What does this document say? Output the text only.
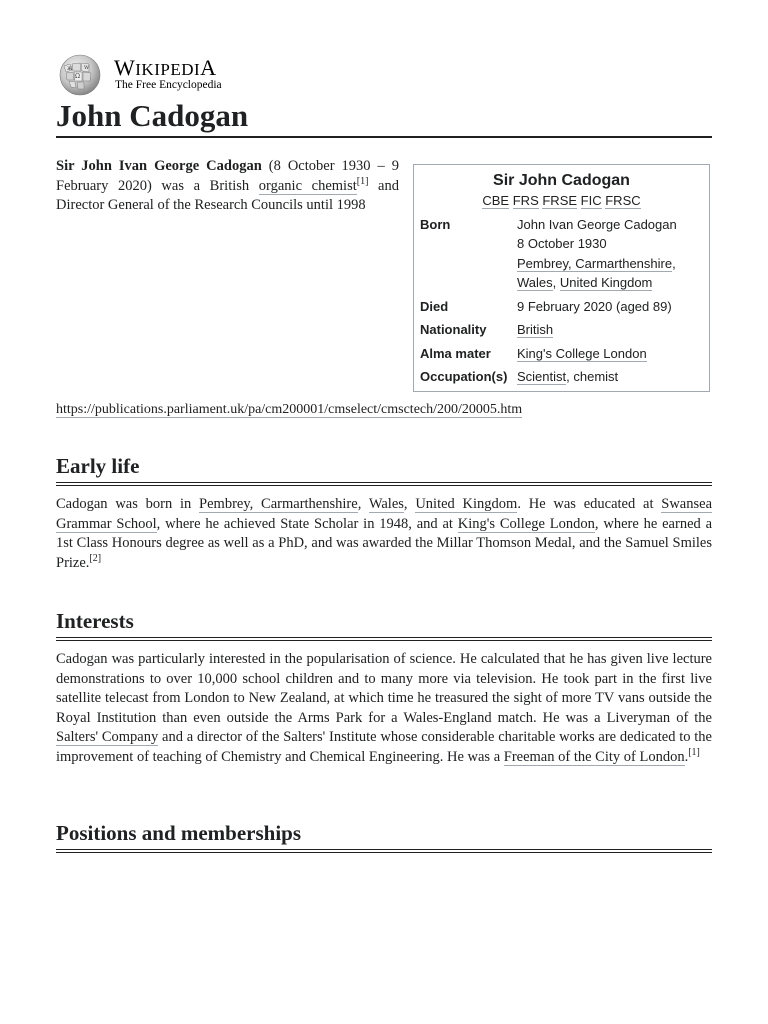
Ω
W
Ж WIKIPEDIA
The Free Encyclopedia
John Cadogan

Sir John Ivan George Cadogan (8 October 1930 – 9 February 2020) was a British organic chemist[1] and Director General of the Research Councils until 1998

Sir John Cadogan
CBE FRS FRSE FIC FRSC
Born	John Ivan George Cadogan
8 October 1930
Pembrey, Carmarthenshire,
Wales, United Kingdom
Died	9 February 2020 (aged 89)
Nationality	British
Alma mater	King's College London
Occupation(s) Scientist, chemist
https://publications.parliament.uk/pa/cm200001/cmselect/cmsctech/200/20005.htm
Early life

Cadogan was born in Pembrey, Carmarthenshire, Wales, United Kingdom. He was educated at Swansea Grammar School, where he achieved State Scholar in 1948, and at King's College London, where he earned a 1st Class Honours degree as well as a PhD, and was awarded the Millar Thomson Medal, and the Samuel Smiles Prize.[2]

Interests

Cadogan was particularly interested in the popularisation of science. He calculated that he has given live lecture demonstrations to over 10,000 school children and to many more via television. He took part in the first live satellite telecast from London to New Zealand, at which time he treasured the sight of more TV vans outside the Royal Institution than even outside the Arms Park for a Wales-England match. He was a Liveryman of the Salters' Company and a director of the Salters' Institute whose considerable charitable works are dedicated to the improvement of teaching of Chemistry and Chemical Engineering. He was a Freeman of the City of London.[1]

Positions and memberships
